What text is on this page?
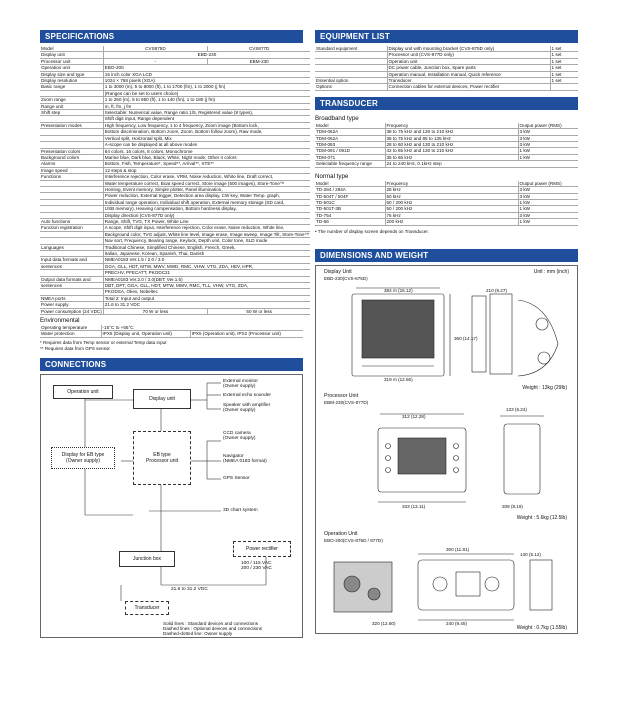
SPECIFICATIONS
Model	CVS875D	CVS877D
Display unit	EBD-230	
Processor unit	-	EBM-230
Operation unit	EBO-200	
Display size and type	15 inch color XGA LCD	
Display resolution	1024 × 768 pixels (XGA)	
Basic range	1 to 3000 (m), 5 to 8000 (ft), 1 to 1700 (fm), 1 to 2000 (j fm)	
	(Ranges can be set to users choice)	
Zoom range	1 to 260 (m), 5 to 950 (ft), 1 to 140 (fm), 1 to 180 (j fm)	
Range unit	m, ft, fm, j fm	
Shift step	Selectable: Numerical value, Range ratio 1/5, Registered value (8 types),	
	Shift digit input, Range dependent	
Presentation modes	High frequency, Low frequency, 1 to 4 frequency, Zoom image (Bottom lock,	
	Bottom discrimination, Bottom zoom, Zoom, Bottom follow zoom), Raw mode,	
	Vertical split, Horizontal split, Mix	
	A-scope can be displayed at all above modes	
Presentation colors	64 colors, 16 colors, 8 colors, Monochrome	
Background colors	Marine blue, Dark blue, Black, White, Night mode; Other 4 colors	
Alarms	Bottom, Fish, Temperature*, Speed**, Arrival**, XTE**	
Image speed	12 steps & stop	
Functions	Interference rejection, Color erase, VRM, Noise reduction, White line, Draft correct,	
	Water temperature correct, Boat speed correct, Store image (500 images), Store-Tone™	
	Homing, Event memory, Simple plotter, Panel illumination,	
	Power reduction, External trigger, Detection area display, CW key, Water Temp. graph,	
	Individual range operation, Individual shift operation, External memory storage (SD card,	
	USB memory), Heaving compensation, Bottom hardness display,	
	Display direction (CVS-877D only)	
Auto functions	Range, Shift, TVG, TX Power, White Line	
Function registration	A scope, Shift digit input, Interference rejection, Color erase, Noise reduction, White line,	
	Background color, TVG adjust, White line level, Image erase, Image sweep, Image Tilt, Store-Tone™	
	Nav sort, Frequency, Bearing range, Keylock, Depth unit, Color tone, SLD mode	
Languages	Traditional Chinese, Simplified Chinese, English, French, Greek,	
	Italian, Japanese, Korean, Spanish, Thai, Danish	
Input data formats and	NMEA0183 Ver.1.5 / 2.0 / 3.0	
sentences	GGA, GLL, HDT, MTW, MWV, MWD, RMC, VHW, VTG, ZDA, HEV, HPR,	
	PRECHV, PFECATT, PKODC21	
Output data formats and	NMEA0183 Ver.2.0 / 3.0(DBT: Ver.1.5)	
sentences	DBT, DPT, GGA, GLL, HDT, MTW, MWV, RMC, TLL, VHW, VTG, ZDA,	
	PKODSA, Okex, Nobeltec	
NMEA ports	Total 2: Input and output	
Power supply	21.6 to 31.2 VDC	
Power consumption (24 VDC)	70 W or less	50 W or less
Environmental
Operating temperature	-15°C to +55°C	
Water protection	IPX5 (Display unit, Operation unit)	IPX5 (Operation unit), IPX2 (Processor unit)
* Requires data from Temp sensor or external Temp data input
** Requires data from GPS sensor
CONNECTIONS
Operation unit
Display unit
Display for EB type
(Owner supply)
EB type
Processor unit
Junction box
Power rectifier
Transducer
External monitor
(Owner supply)
External echo sounder
Speaker with amplifier
(Owner supply)
CCD camera
(Owner supply)
Navigator
(NMEA 0183 format)
GPS Sensor
3D chart system
21.6 to 31.2 VDC
100 / 115 VAC
200 / 230 VAC
Solid lines : Standard devices and connections
Dashed lines : Optional devices and connections
Dashed-dotted line: Owner supply
EQUIPMENT LIST
Standard equipment	Display unit with mounting bracket (CVS-875D only)	1 set
	Processor unit (CVS-877D only)	1 set
	Operation unit	1 set
	DC power cable, Junction box, Spare parts	1 set
	Operation manual, Installation manual, Quick reference	1 set
Essential option	Transducer	1 set
Options	Connection cables for external devices, Power rectifier	
TRANSDUCER
Broadband type
Model	Frequency	Output power (RMS)
TDM-062A	38 to 75 kHz and 130 to 210 kHz	3 kW
TDM-062A	38 to 75 kHz and 85 to 135 kHz	3 kW
TDM-083	28 to 60 kHz and 130 to 210 kHz	3 kW
TDM-091 / 091D	42 to 65 kHz and 130 to 210 kHz	1 kW
TDM-071	35 to 65 kHz	1 kW
Selectable frequency range	24 to 240 kHz, 0.1kHz step	
Normal type
Model	Frequency	Output power (RMS)
TD-284 / 284A	28 kHz	3 kW
TD-504T / 504F	50 kHz	3 kW
TD-501C	50 / 200 kHz	1 kW
TD-501T-3B	50 / 200 kHz	1 kW
TD-754	75 kHz	3 kW
TD-66	200 kHz	1 kW
• The number of display screen depends on Transducer.
DIMENSIONS AND WEIGHT
Unit : mm (inch)
Display Unit
EBD-230(CVS-875D)
384 m (15.12)
319 m (12.56)
360 (14.17)
210 (8.27)
Weight : 13kg (29lb)
Processor Unit
EBM-230(CVS-877D)
312 (12.28)
333 (13.11)	208 (8.19)
133 (5.24)
Weight : 5.6kg (12.5lb)
Operation Unit
EBO-200(CVS-875D / 877D)
300 (11.81)
240 (9.45)
130 (5.12)
320 (12.60)
Weight : 0.7kg (1.55lb)
